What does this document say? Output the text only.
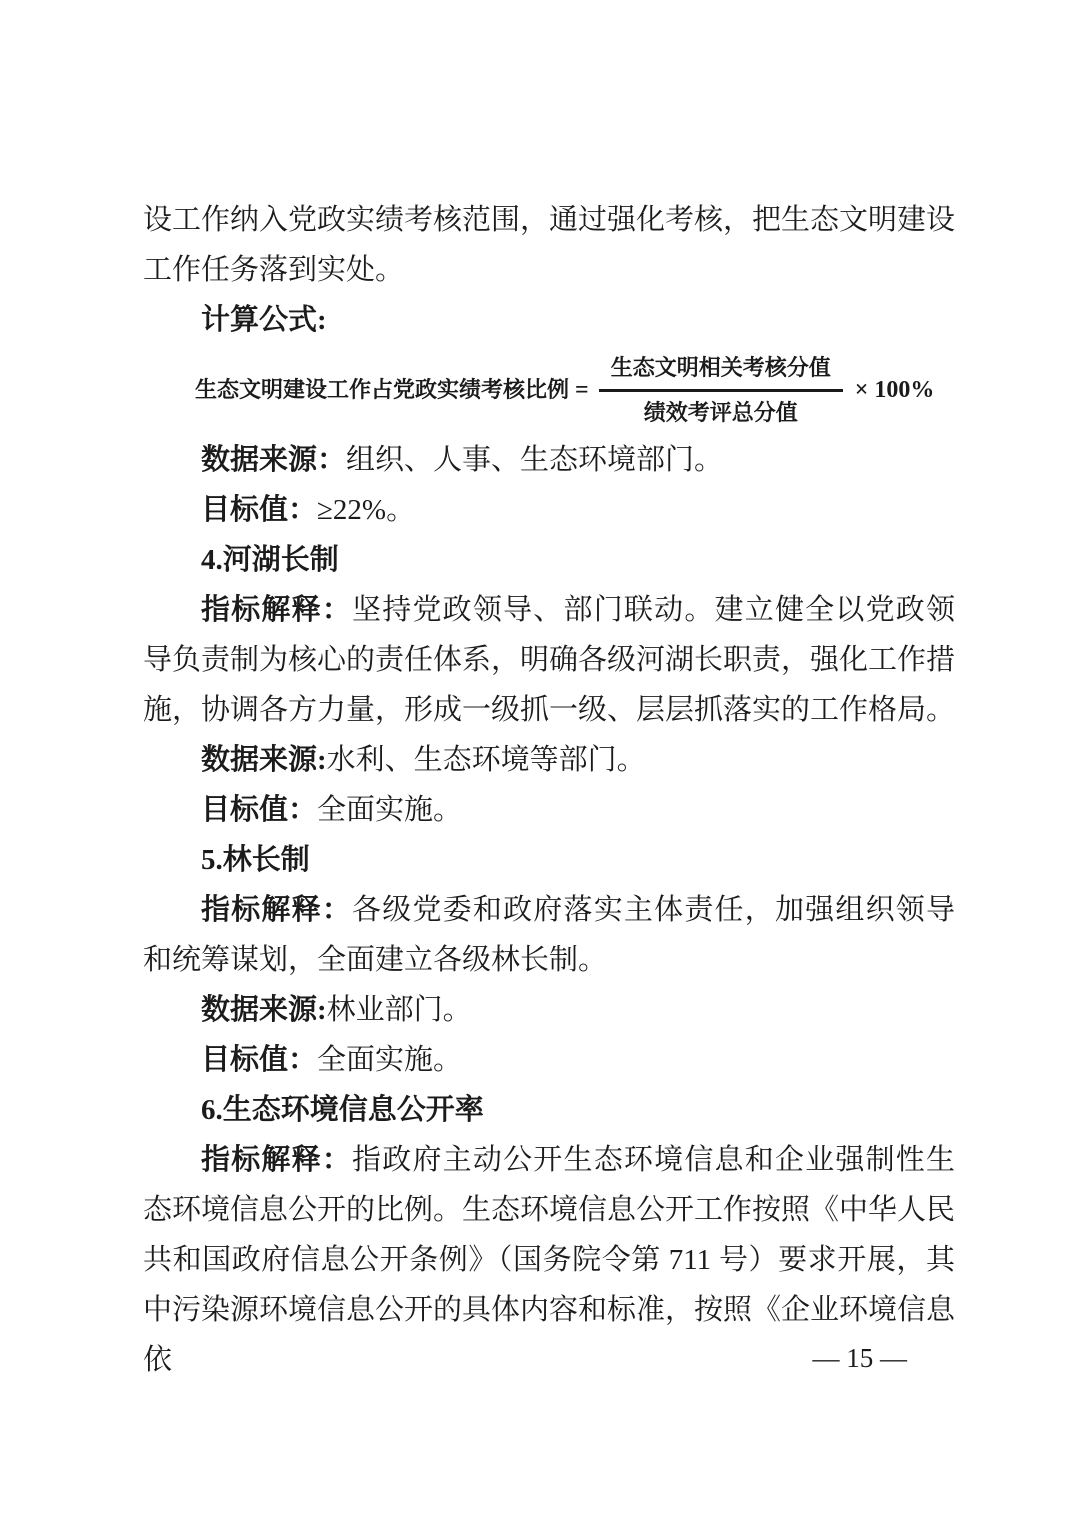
设工作纳入党政实绩考核范围，通过强化考核，把生态文明建设工作任务落到实处。

计算公式:

生态文明建设工作占党政实绩考核比例 = $\frac{\text{生态文明相关考核分值}}{\text{绩效考评总分值}} \times 100\%$

数据来源：组织、人事、生态环境部门。

目标值：≥22%。

4.河湖长制

指标解释：坚持党政领导、部门联动。建立健全以党政领导负责制为核心的责任体系，明确各级河湖长职责，强化工作措施，协调各方力量，形成一级抓一级、层层抓落实的工作格局。

数据来源:水利、生态环境等部门。

目标值：全面实施。

5.林长制

指标解释：各级党委和政府落实主体责任，加强组织领导和统筹谋划，全面建立各级林长制。

数据来源:林业部门。

目标值：全面实施。

6.生态环境信息公开率

指标解释：指政府主动公开生态环境信息和企业强制性生态环境信息公开的比例。生态环境信息公开工作按照《中华人民共和国政府信息公开条例》（国务院令第 711 号）要求开展，其中污染源环境信息公开的具体内容和标准，按照《企业环境信息依	— 15 —
